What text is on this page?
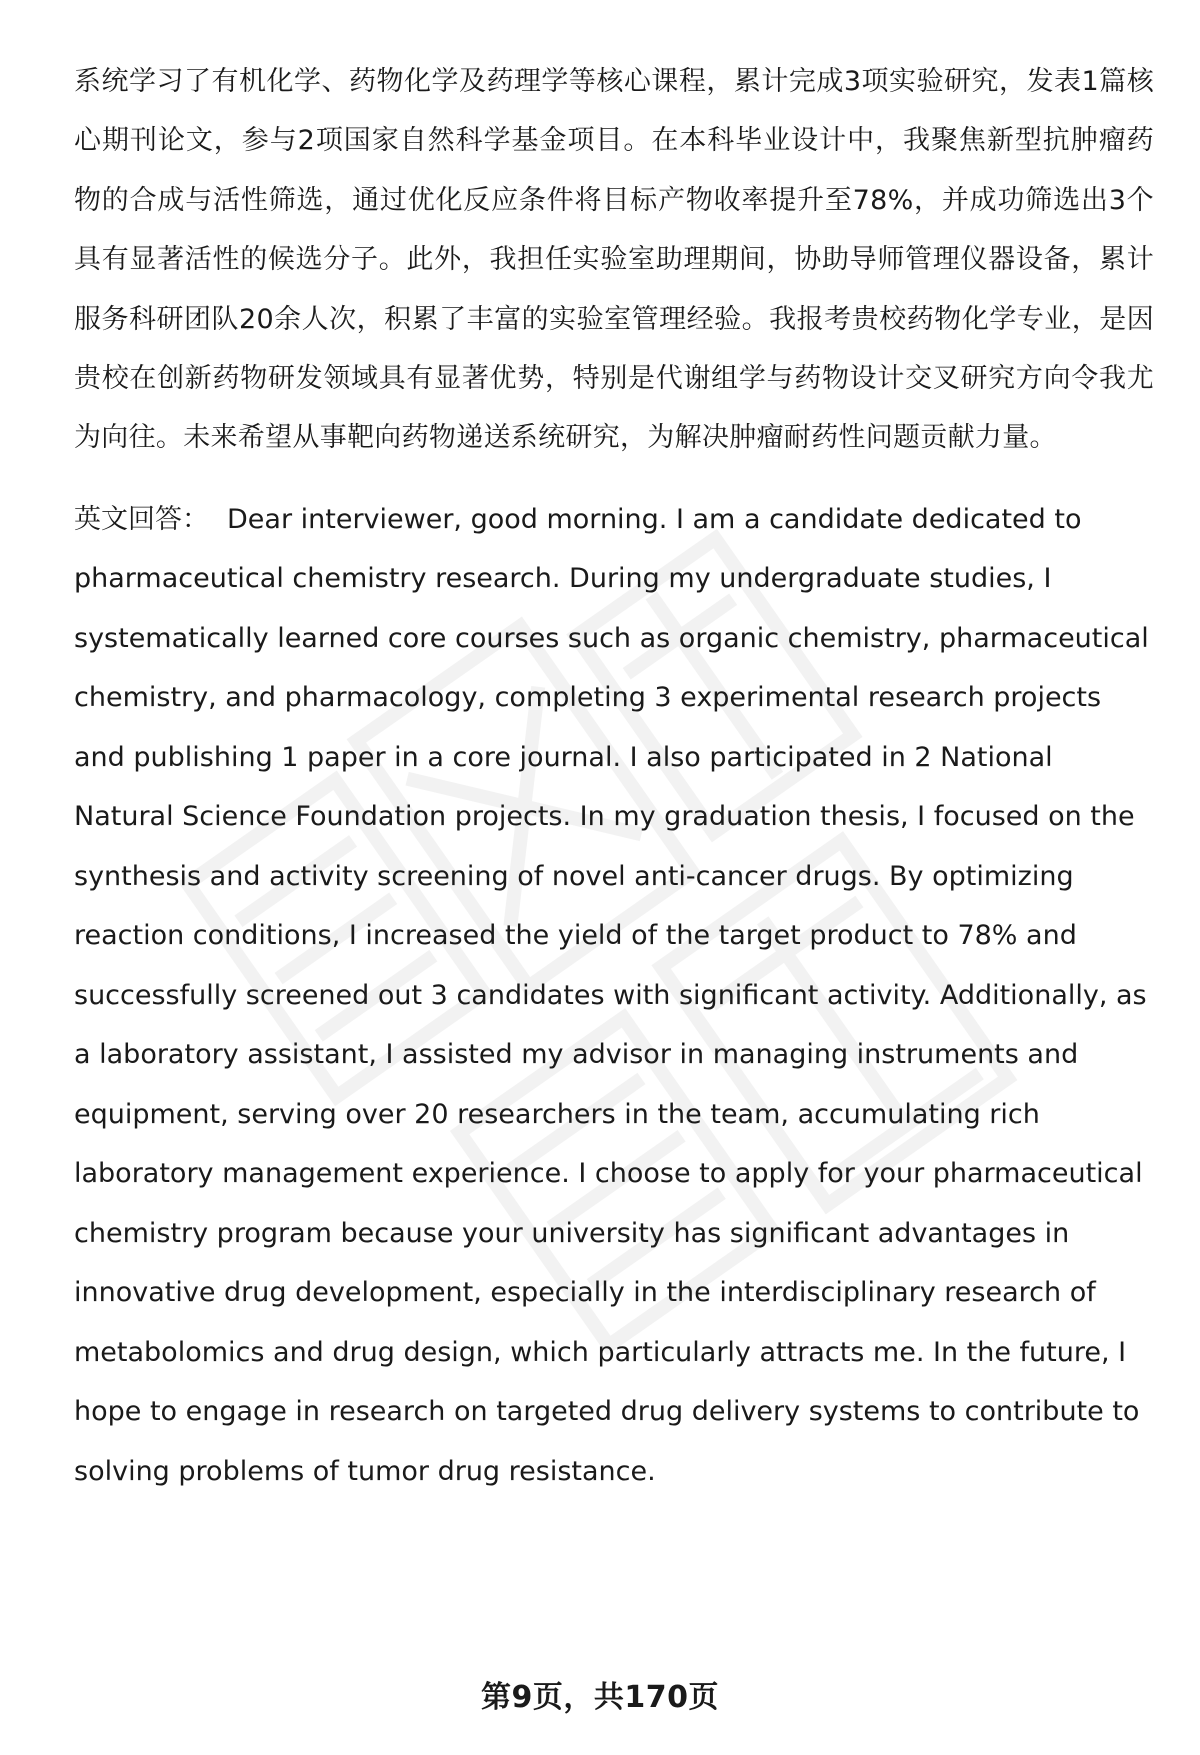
系统学习了有机化学、药物化学及药理学等核心课程，累计完成3项实验研究，发表1篇核心期刊论文，参与2项国家自然科学基金项目。在本科毕业设计中，我聚焦新型抗肿瘤药物的合成与活性筛选，通过优化反应条件将目标产物收率提升至78%，并成功筛选出3个具有显著活性的候选分子。此外，我担任实验室助理期间，协助导师管理仪器设备，累计服务科研团队20余人次，积累了丰富的实验室管理经验。我报考贵校药物化学专业，是因贵校在创新药物研发领域具有显著优势，特别是代谢组学与药物设计交叉研究方向令我尤为向往。未来希望从事靶向药物递送系统研究，为解决肿瘤耐药性问题贡献力量。

英文回答： Dear interviewer, good morning. I am a candidate dedicated to pharmaceutical chemistry research. During my undergraduate studies, I systematically learned core courses such as organic chemistry, pharmaceutical chemistry, and pharmacology, completing 3 experimental research projects and publishing 1 paper in a core journal. I also participated in 2 National Natural Science Foundation projects. In my graduation thesis, I focused on the synthesis and activity screening of novel anti-cancer drugs. By optimizing reaction conditions, I increased the yield of the target product to 78% and successfully screened out 3 candidates with significant activity. Additionally, as a laboratory assistant, I assisted my advisor in managing instruments and equipment, serving over 20 researchers in the team, accumulating rich laboratory management experience. I choose to apply for your pharmaceutical chemistry program because your university has significant advantages in innovative drug development, especially in the interdisciplinary research of metabolomics and drug design, which particularly attracts me. In the future, I hope to engage in research on targeted drug delivery systems to contribute to solving problems of tumor drug resistance.

第9页，共170页
